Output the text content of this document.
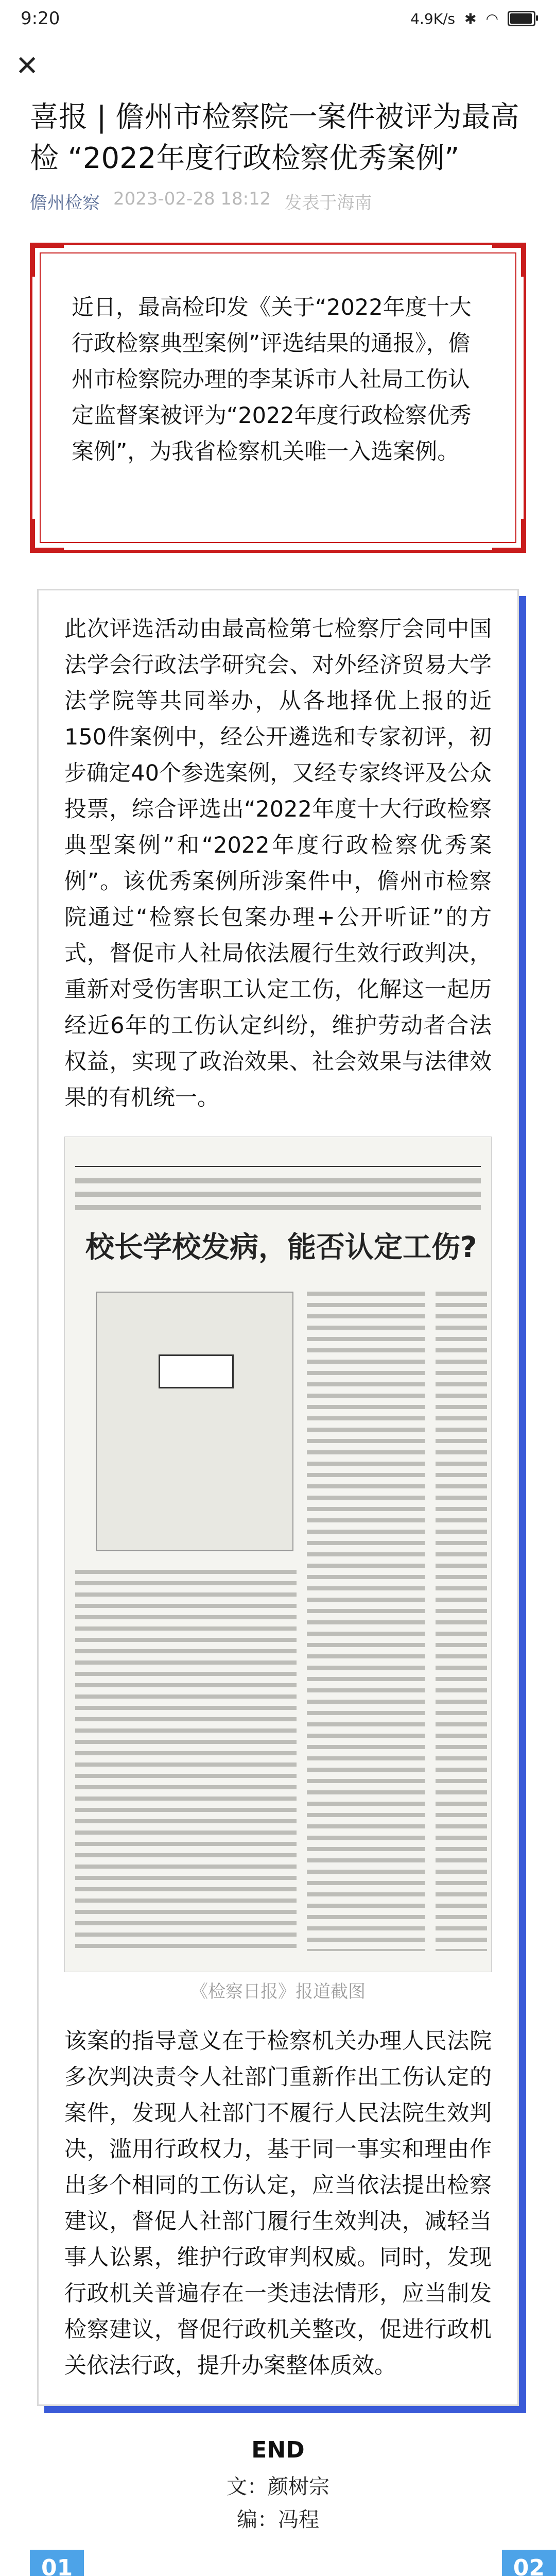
9:20	4.9K/s ✱ ◠
✕
喜报 | 儋州市检察院一案件被评为最高检 “2022年度行政检察优秀案例”
儋州检察 2023-02-28 18:12 发表于海南
近日，最高检印发《关于“2022年度十大行政检察典型案例”评选结果的通报》，儋州市检察院办理的李某诉市人社局工伤认定监督案被评为“2022年度行政检察优秀案例”，为我省检察机关唯一入选案例。
此次评选活动由最高检第七检察厅会同中国法学会行政法学研究会、对外经济贸易大学法学院等共同举办，从各地择优上报的近150件案例中，经公开遴选和专家初评，初步确定40个参选案例，又经专家终评及公众投票，综合评选出“2022年度十大行政检察典型案例”和“2022年度行政检察优秀案例”。该优秀案例所涉案件中，儋州市检察院通过“检察长包案办理+公开听证”的方式，督促市人社局依法履行生效行政判决，重新对受伤害职工认定工伤，化解这一起历经近6年的工伤认定纠纷，维护劳动者合法权益，实现了政治效果、社会效果与法律效果的有机统一。
校长学校发病，能否认定工伤?
《检察日报》报道截图
该案的指导意义在于检察机关办理人民法院多次判决责令人社部门重新作出工伤认定的案件，发现人社部门不履行人民法院生效判决，滥用行政权力，基于同一事实和理由作出多个相同的工伤认定，应当依法提出检察建议，督促人社部门履行生效判决，减轻当事人讼累，维护行政审判权威。同时，发现行政机关普遍存在一类违法情形，应当制发检察建议，督促行政机关整改，促进行政机关依法行政，提升办案整体质效。
END
文：颜树宗
编：冯程
01	02
